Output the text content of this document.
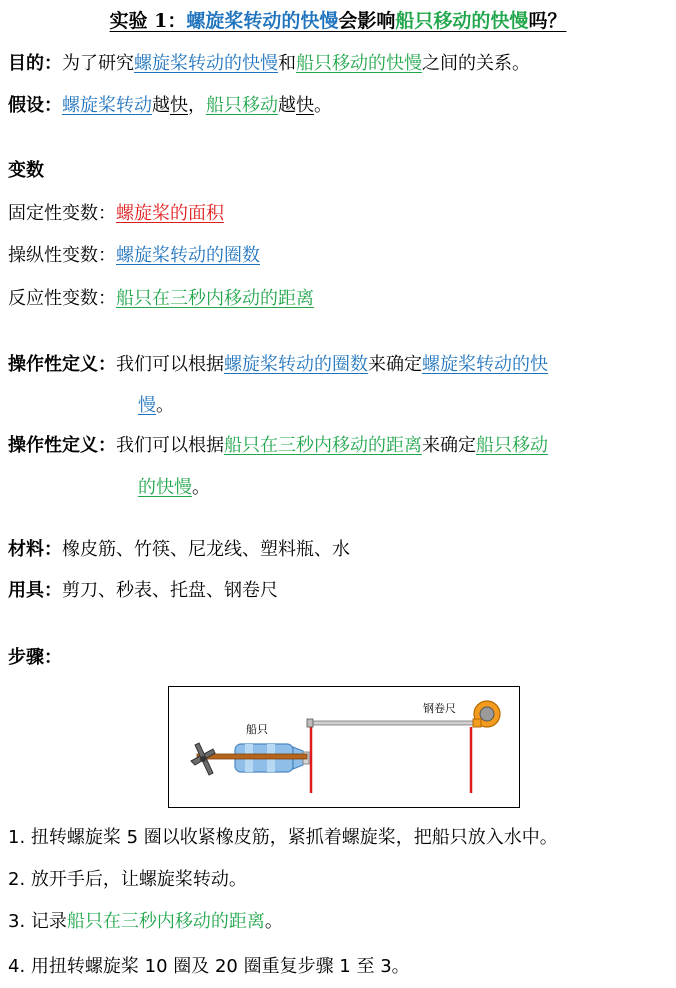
实验 1：螺旋桨转动的快慢会影响船只移动的快慢吗？
目的：为了研究螺旋桨转动的快慢和船只移动的快慢之间的关系。
假设：螺旋桨转动越快，船只移动越快。
变数
固定性变数：螺旋桨的面积
操纵性变数：螺旋桨转动的圈数
反应性变数：船只在三秒内移动的距离
操作性定义：我们可以根据螺旋桨转动的圈数来确定螺旋桨转动的快
慢。
操作性定义：我们可以根据船只在三秒内移动的距离来确定船只移动
的快慢。
材料：橡皮筋、竹筷、尼龙线、塑料瓶、水
用具：剪刀、秒表、托盘、钢卷尺
步骤：
船只
钢卷尺
1. 扭转螺旋桨 5 圈以收紧橡皮筋，紧抓着螺旋桨，把船只放入水中。
2. 放开手后，让螺旋桨转动。
3. 记录船只在三秒内移动的距离。
4. 用扭转螺旋桨 10 圈及 20 圈重复步骤 1 至 3。
